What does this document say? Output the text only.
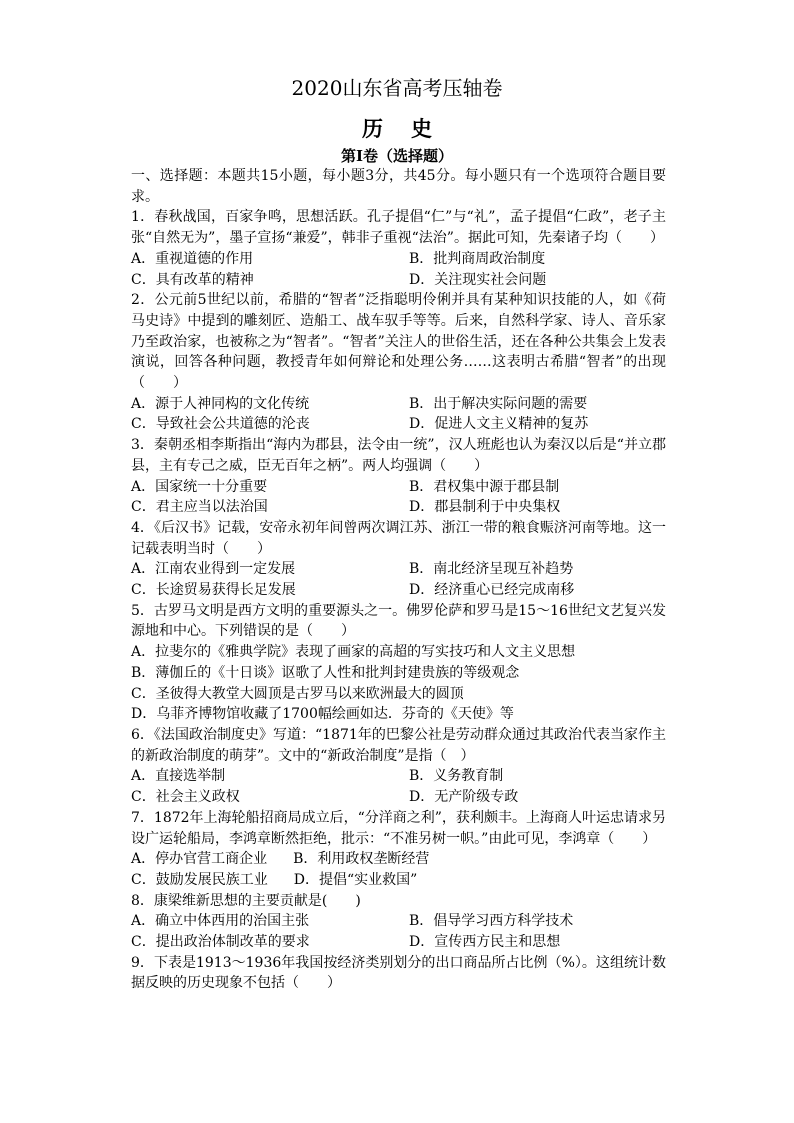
2020山东省高考压轴卷
历史
第Ⅰ卷（选择题）

一、选择题：本题共15小题，每小题3分，共45分。每小题只有一个选项符合题目要求。

1．春秋战国，百家争鸣，思想活跃。孔子提倡“仁”与“礼”，孟子提倡“仁政”，老子主张“自然无为”，墨子宣扬“兼爱”，韩非子重视“法治”。据此可知，先秦诸子均（　　）

A．重视道德的作用	B．批判商周政治制度
C．具有改革的精神	D．关注现实社会问题

2．公元前5世纪以前，希腊的“智者”泛指聪明伶俐并具有某种知识技能的人，如《荷马史诗》中提到的雕刻匠、造船工、战车驭手等等。后来，自然科学家、诗人、音乐家乃至政治家，也被称之为“智者”。“智者”关注人的世俗生活，还在各种公共集会上发表演说，回答各种问题，教授青年如何辩论和处理公务……这表明古希腊“智者”的出现（　　）

A．源于人神同构的文化传统	B．出于解决实际问题的需要
C．导致社会公共道德的沦丧	D．促进人文主义精神的复苏

3．秦朝丞相李斯指出“海内为郡县，法令由一统”，汉人班彪也认为秦汉以后是“并立郡县，主有专己之威，臣无百年之柄”。两人均强调（　　）

A．国家统一十分重要	B．君权集中源于郡县制
C．君主应当以法治国	D．郡县制利于中央集权

4．《后汉书》记载，安帝永初年间曾两次调江苏、浙江一带的粮食赈济河南等地。这一记载表明当时（　　）

A．江南农业得到一定发展	B．南北经济呈现互补趋势
C．长途贸易获得长足发展	D．经济重心已经完成南移

5．古罗马文明是西方文明的重要源头之一。佛罗伦萨和罗马是15～16世纪文艺复兴发源地和中心。下列错误的是（　　）

A．拉斐尔的《雅典学院》表现了画家的高超的写实技巧和人文主义思想
B．薄伽丘的《十日谈》讴歌了人性和批判封建贵族的等级观念
C．圣彼得大教堂大圆顶是古罗马以来欧洲最大的圆顶
D．乌菲齐博物馆收藏了1700幅绘画如达．芬奇的《天使》等

6．《法国政治制度史》写道：“1871年的巴黎公社是劳动群众通过其政治代表当家作主的新政治制度的萌芽”。文中的“新政治制度”是指（　）

A．直接选举制	B．义务教育制
C．社会主义政权	D．无产阶级专政

7．1872年上海轮船招商局成立后，“分洋商之利”，获利颇丰。上海商人叶运忠请求另设广运轮船局，李鸿章断然拒绝，批示：“不准另树一帜。”由此可见，李鸿章（　　）

A．停办官营工商企业 B．利用政权垄断经营
C．鼓励发展民族工业 D．提倡“实业救国”

8．康梁维新思想的主要贡献是(　　)

A．确立中体西用的治国主张	B．倡导学习西方科学技术
C．提出政治体制改革的要求	D．宣传西方民主和思想

9．下表是1913～1936年我国按经济类别划分的出口商品所占比例（%）。这组统计数据反映的历史现象不包括（　　）
